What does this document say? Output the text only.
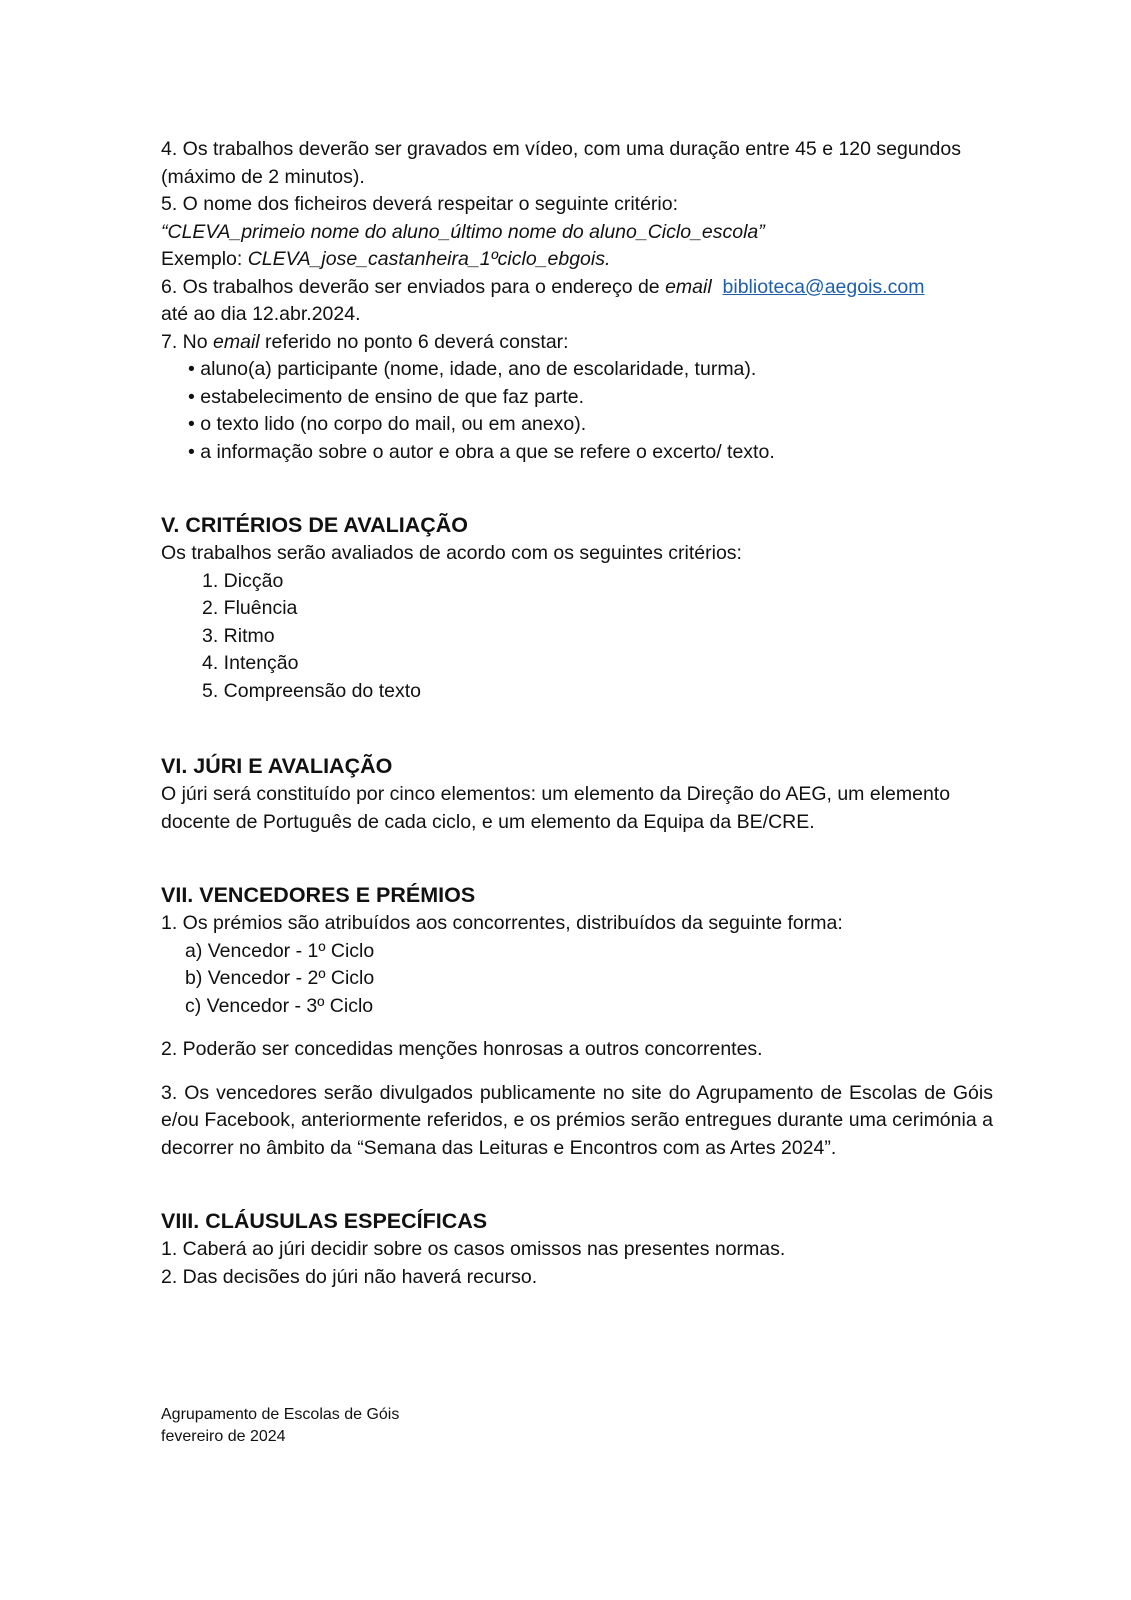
4. Os trabalhos deverão ser gravados em vídeo, com uma duração entre 45 e 120 segundos (máximo de 2 minutos).

5. O nome dos ficheiros deverá respeitar o seguinte critério:

“CLEVA_primeio nome do aluno_último nome do aluno_Ciclo_escola”

Exemplo: CLEVA_jose_castanheira_1ºciclo_ebgois.

6. Os trabalhos deverão ser enviados para o endereço de email biblioteca@aegois.com

até ao dia 12.abr.2024.

7. No email referido no ponto 6 deverá constar:

• aluno(a) participante (nome, idade, ano de escolaridade, turma).

• estabelecimento de ensino de que faz parte.

• o texto lido (no corpo do mail, ou em anexo).

• a informação sobre o autor e obra a que se refere o excerto/ texto.

V. CRITÉRIOS DE AVALIAÇÃO

Os trabalhos serão avaliados de acordo com os seguintes critérios:

1. Dicção

2. Fluência

3. Ritmo

4. Intenção

5. Compreensão do texto

VI. JÚRI E AVALIAÇÃO

O júri será constituído por cinco elementos: um elemento da Direção do AEG, um elemento docente de Português de cada ciclo, e um elemento da Equipa da BE/CRE.

VII. VENCEDORES E PRÉMIOS

1. Os prémios são atribuídos aos concorrentes, distribuídos da seguinte forma:

a) Vencedor - 1º Ciclo

b) Vencedor - 2º Ciclo

c) Vencedor - 3º Ciclo

2. Poderão ser concedidas menções honrosas a outros concorrentes.

3. Os vencedores serão divulgados publicamente no site do Agrupamento de Escolas de Góis e/ou Facebook, anteriormente referidos, e os prémios serão entregues durante uma cerimónia a decorrer no âmbito da “Semana das Leituras e Encontros com as Artes 2024”.

VIII. CLÁUSULAS ESPECÍFICAS

1. Caberá ao júri decidir sobre os casos omissos nas presentes normas.

2. Das decisões do júri não haverá recurso.

Agrupamento de Escolas de Góis
fevereiro de 2024
